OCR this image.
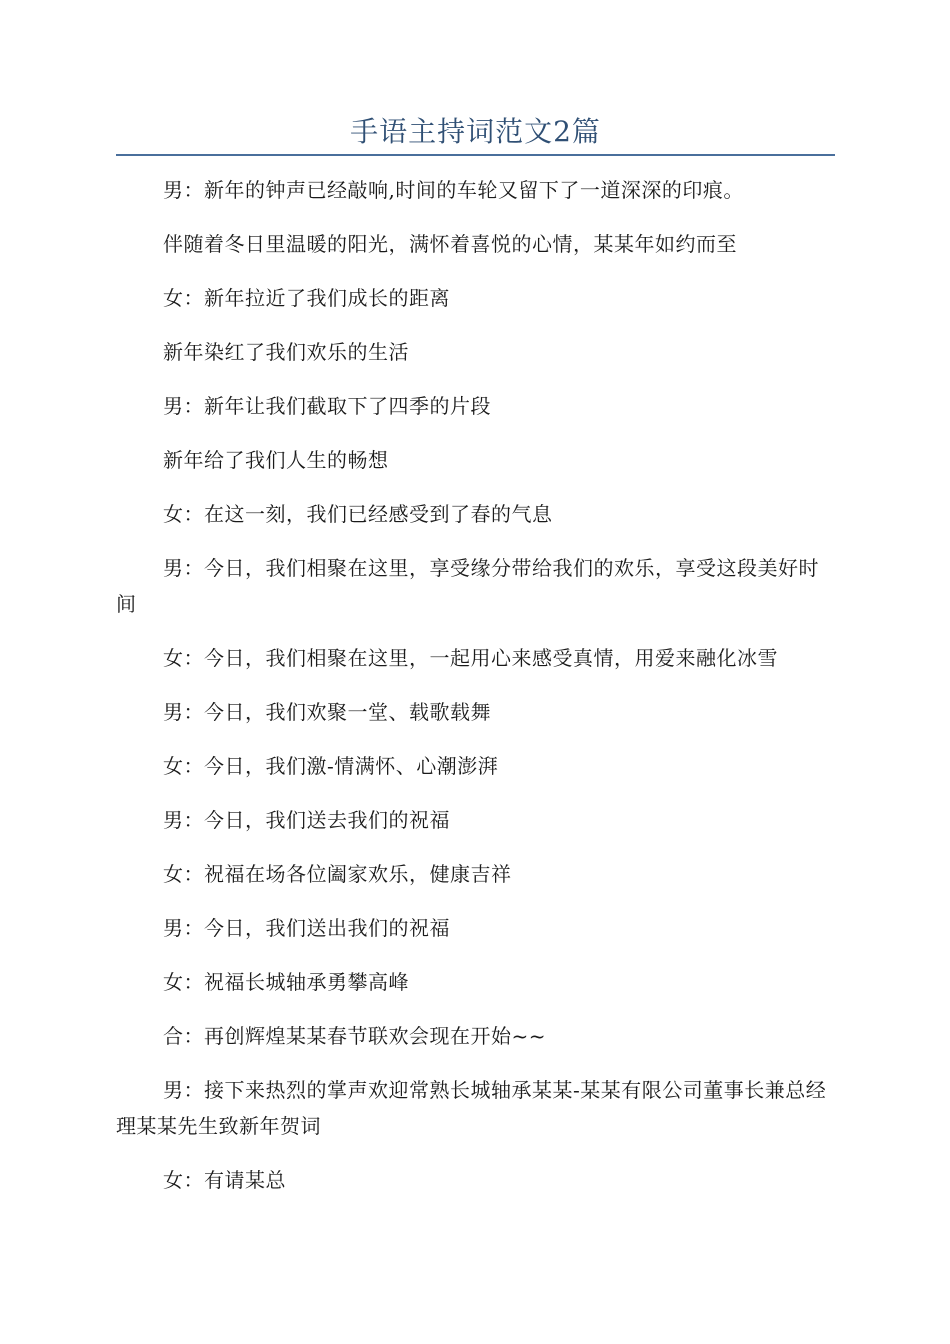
手语主持词范文2篇

男：新年的钟声已经敲响,时间的车轮又留下了一道深深的印痕。

伴随着冬日里温暖的阳光，满怀着喜悦的心情，某某年如约而至

女：新年拉近了我们成长的距离

新年染红了我们欢乐的生活

男：新年让我们截取下了四季的片段

新年给了我们人生的畅想

女：在这一刻，我们已经感受到了春的气息

男：今日，我们相聚在这里，享受缘分带给我们的欢乐，享受这段美好时间

女：今日，我们相聚在这里，一起用心来感受真情，用爱来融化冰雪

男：今日，我们欢聚一堂、载歌载舞

女：今日，我们激-情满怀、心潮澎湃

男：今日，我们送去我们的祝福

女：祝福在场各位阖家欢乐，健康吉祥

男：今日，我们送出我们的祝福

女：祝福长城轴承勇攀高峰

合：再创辉煌某某春节联欢会现在开始~~

男：接下来热烈的掌声欢迎常熟长城轴承某某-某某有限公司董事长兼总经理某某先生致新年贺词

女：有请某总
